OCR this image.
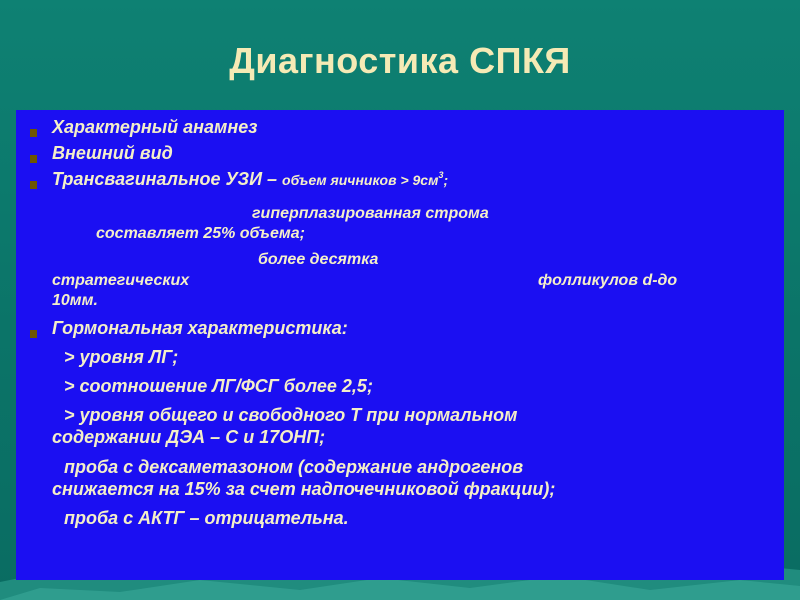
Диагностика СПКЯ
Характерный анамнез
Внешний вид
Трансвагинальное УЗИ – объем яичников > $9см^3$;
гиперплазированная строма
составляет 25% объема;
более десятка
стратегических	фолликулов d-до
10мм.
Гормональная характеристика:
> уровня ЛГ;
> соотношение ЛГ/ФСГ более 2,5;
> уровня общего и свободного Т при нормальном
содержании ДЭА – С и 17ОНП;
проба с дексаметазоном (содержание андрогенов
снижается на 15% за счет надпочечниковой фракции);
проба с АКТГ – отрицательна.
